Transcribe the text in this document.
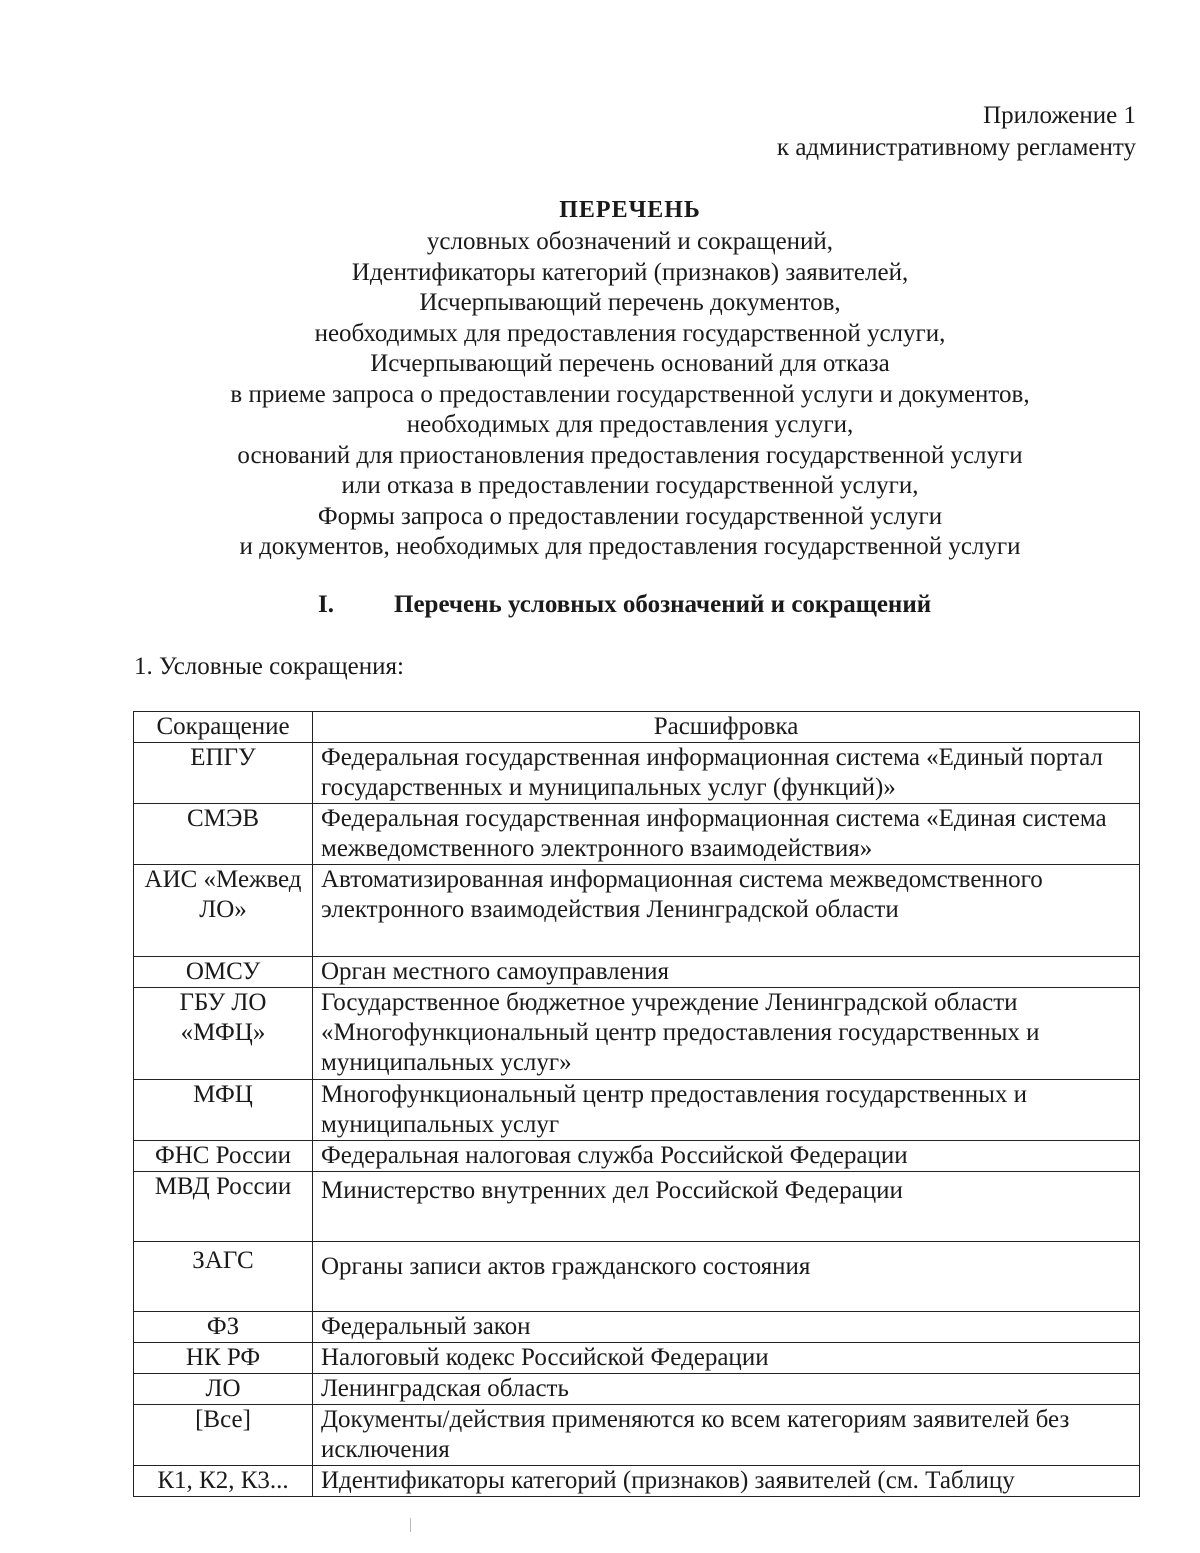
Приложение 1
к административному регламенту
ПЕРЕЧЕНЬ
условных обозначений и сокращений,
Идентификаторы категорий (признаков) заявителей,
Исчерпывающий перечень документов,
необходимых для предоставления государственной услуги,
Исчерпывающий перечень оснований для отказа
в приеме запроса о предоставлении государственной услуги и документов,
необходимых для предоставления услуги,
оснований для приостановления предоставления государственной услуги
или отказа в предоставлении государственной услуги,
Формы запроса о предоставлении государственной услуги
и документов, необходимых для предоставления государственной услуги
I. Перечень условных обозначений и сокращений
1. Условные сокращения:
Сокращение	Расшифровка
ЕПГУ	Федеральная государственная информационная система «Единый портал государственных и муниципальных услуг (функций)»
СМЭВ	Федеральная государственная информационная система «Единая система межведомственного электронного взаимодействия»
АИС «Межвед ЛО»	Автоматизированная информационная система межведомственного электронного взаимодействия Ленинградской области
ОМСУ	Орган местного самоуправления
ГБУ ЛО «МФЦ»	Государственное бюджетное учреждение Ленинградской области «Многофункциональный центр предоставления государственных и муниципальных услуг»
МФЦ	Многофункциональный центр предоставления государственных и муниципальных услуг
ФНС России	Федеральная налоговая служба Российской Федерации
МВД России	Министерство внутренних дел Российской Федерации
ЗАГС	Органы записи актов гражданского состояния
ФЗ	Федеральный закон
НК РФ	Налоговый кодекс Российской Федерации
ЛО	Ленинградская область
[Все]	Документы/действия применяются ко всем категориям заявителей без исключения
К1, К2, К3...	Идентификаторы категорий (признаков) заявителей (см. Таблицу
